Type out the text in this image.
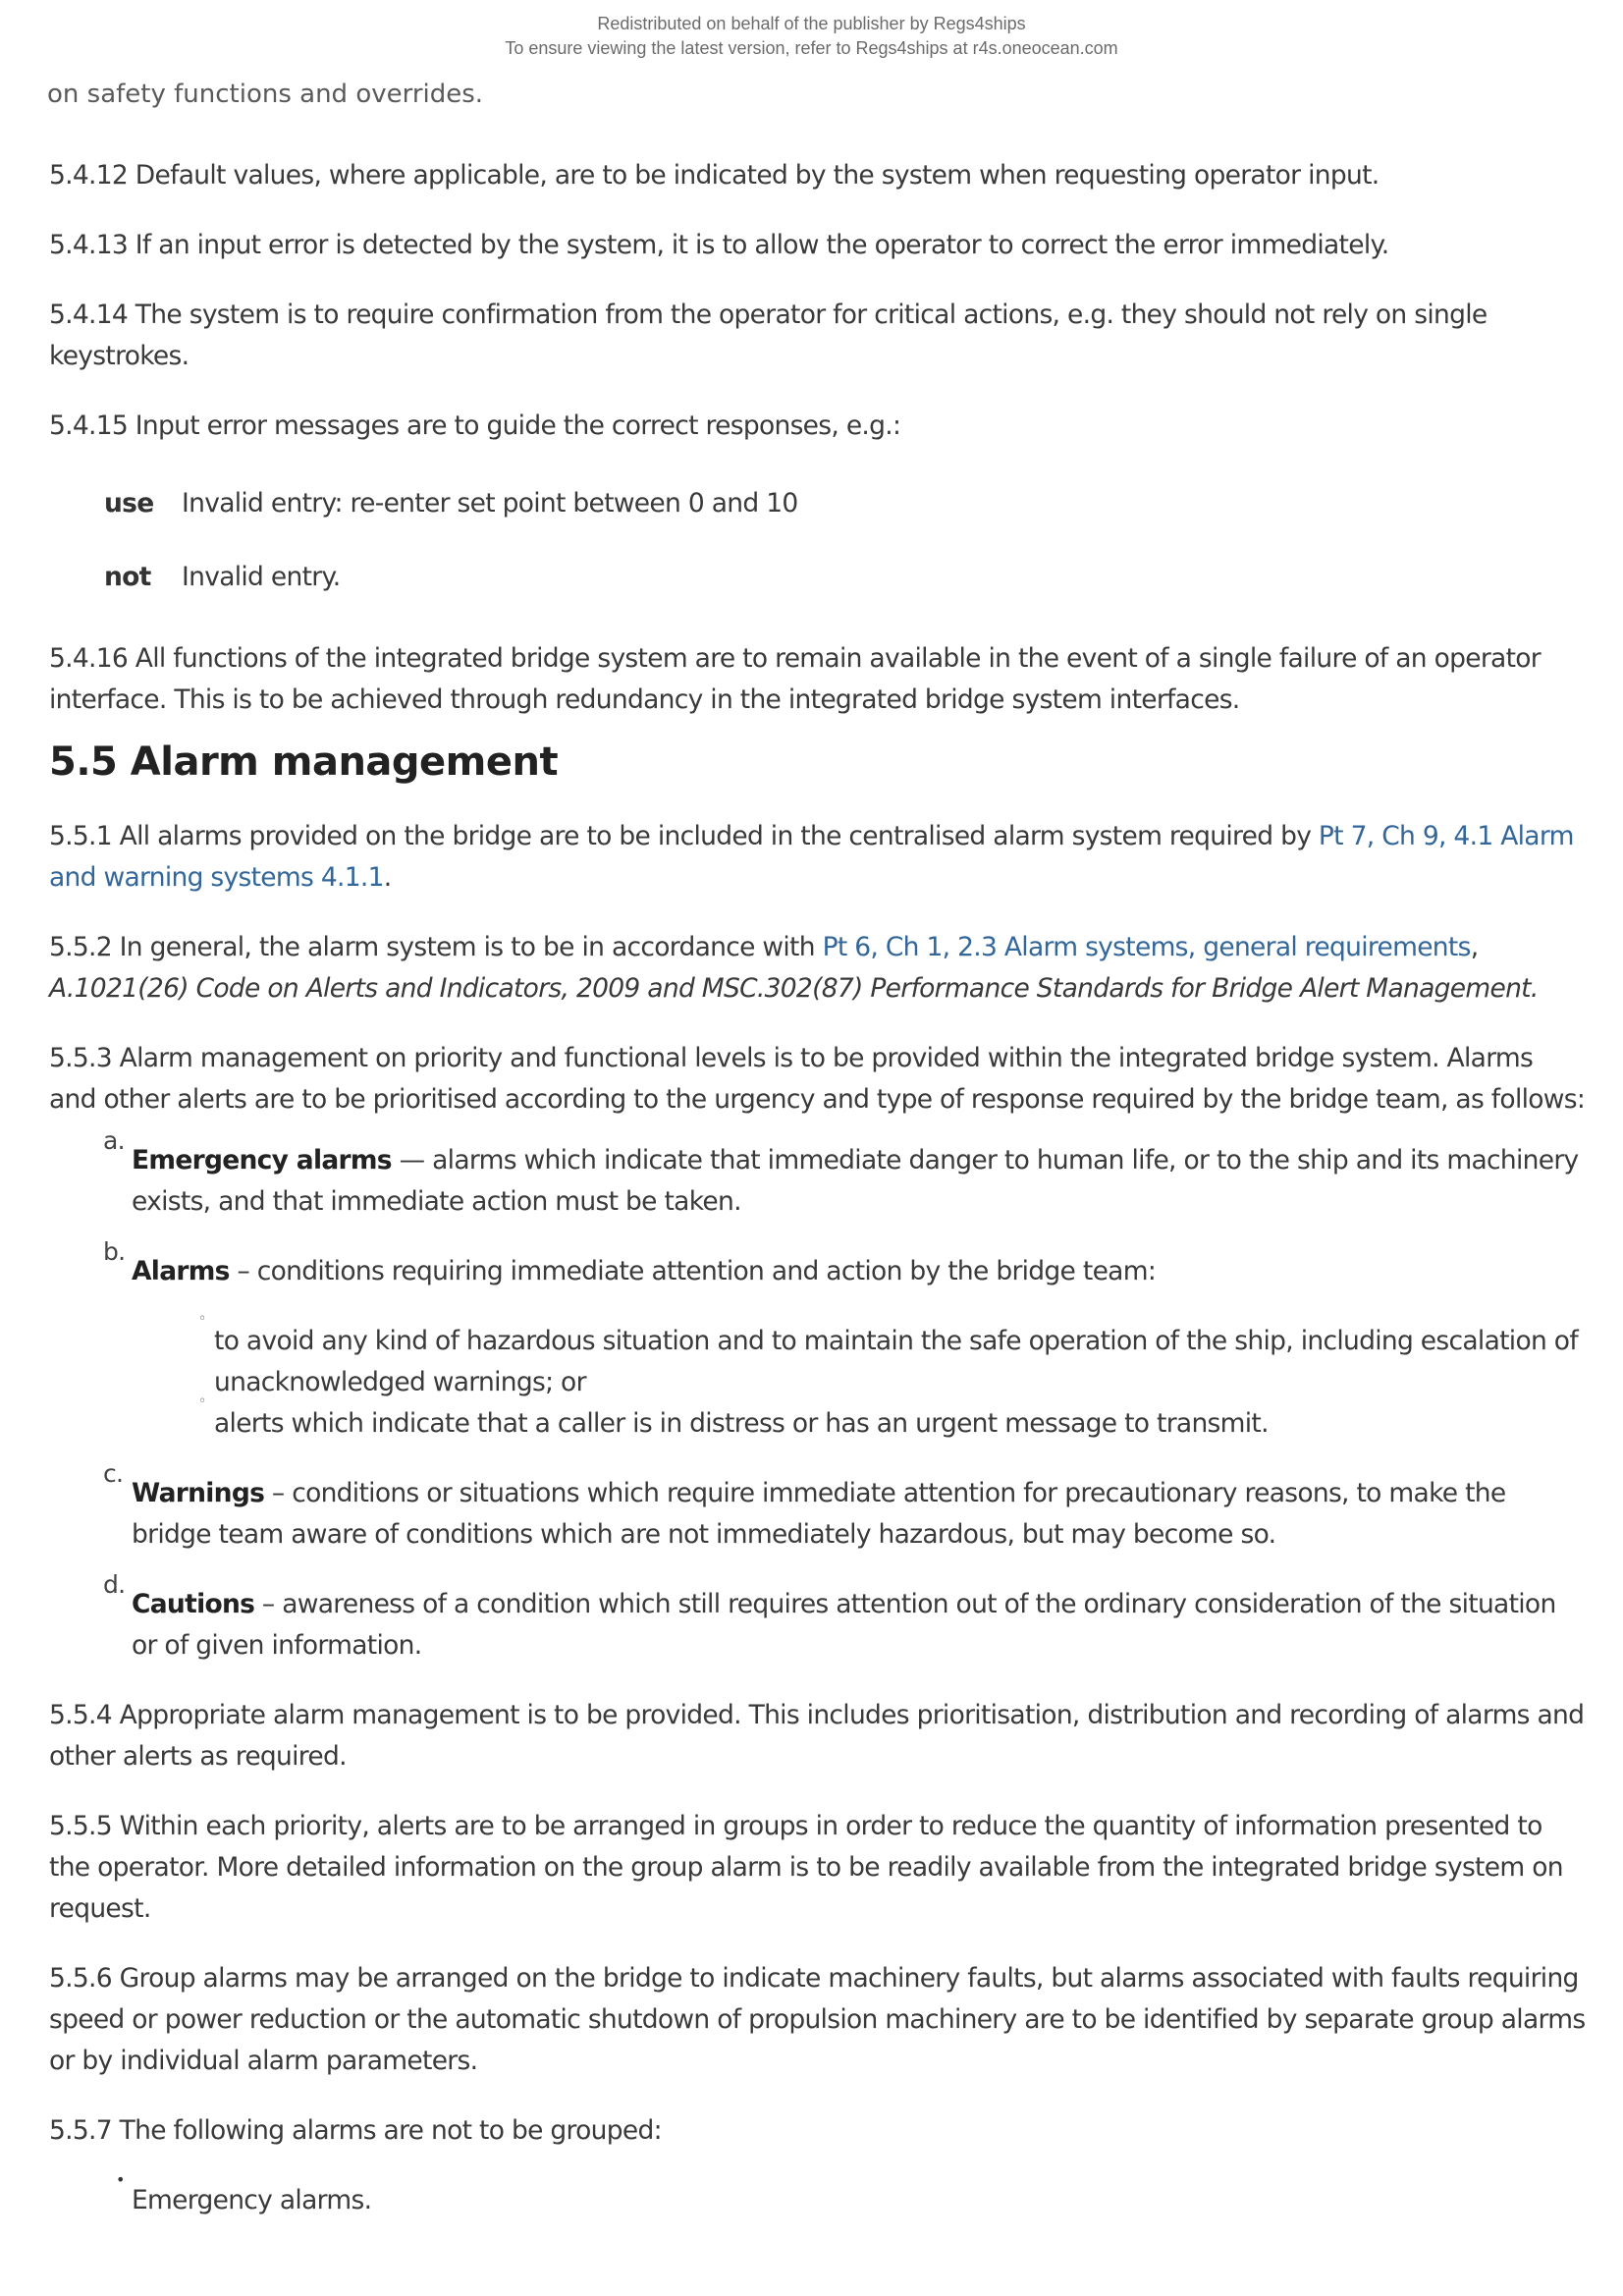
Redistributed on behalf of the publisher by Regs4ships
To ensure viewing the latest version, refer to Regs4ships at r4s.oneocean.com
on safety functions and overrides.

5.4.12 Default values, where applicable, are to be indicated by the system when requesting operator input.

5.4.13 If an input error is detected by the system, it is to allow the operator to correct the error immediately.

5.4.14 The system is to require confirmation from the operator for critical actions, e.g. they should not rely on single keystrokes.

5.4.15 Input error messages are to guide the correct responses, e.g.:

use	Invalid entry: re-enter set point between 0 and 10
not	Invalid entry.

5.4.16 All functions of the integrated bridge system are to remain available in the event of a single failure of an operator interface. This is to be achieved through redundancy in the integrated bridge system interfaces.

5.5 Alarm management

5.5.1 All alarms provided on the bridge are to be included in the centralised alarm system required by Pt 7, Ch 9, 4.1 Alarm and warning systems 4.1.1.

5.5.2 In general, the alarm system is to be in accordance with Pt 6, Ch 1, 2.3 Alarm systems, general requirements, A.1021(26) Code on Alerts and Indicators, 2009 and MSC.302(87) Performance Standards for Bridge Alert Management.

5.5.3 Alarm management on priority and functional levels is to be provided within the integrated bridge system. Alarms and other alerts are to be prioritised according to the urgency and type of response required by the bridge team, as follows:

a.
Emergency alarms — alarms which indicate that immediate danger to human life, or to the ship and its machinery exists, and that immediate action must be taken.
b.
Alarms – conditions requiring immediate attention and action by the bridge team:
◦
to avoid any kind of hazardous situation and to maintain the safe operation of the ship, including escalation of unacknowledged warnings; or
◦
alerts which indicate that a caller is in distress or has an urgent message to transmit.
c.
Warnings – conditions or situations which require immediate attention for precautionary reasons, to make the bridge team aware of conditions which are not immediately hazardous, but may become so.
d.
Cautions – awareness of a condition which still requires attention out of the ordinary consideration of the situation or of given information.

5.5.4 Appropriate alarm management is to be provided. This includes prioritisation, distribution and recording of alarms and other alerts as required.

5.5.5 Within each priority, alerts are to be arranged in groups in order to reduce the quantity of information presented to the operator. More detailed information on the group alarm is to be readily available from the integrated bridge system on request.

5.5.6 Group alarms may be arranged on the bridge to indicate machinery faults, but alarms associated with faults requiring speed or power reduction or the automatic shutdown of propulsion machinery are to be identified by separate group alarms or by individual alarm parameters.

5.5.7 The following alarms are not to be grouped:

•
Emergency alarms.
